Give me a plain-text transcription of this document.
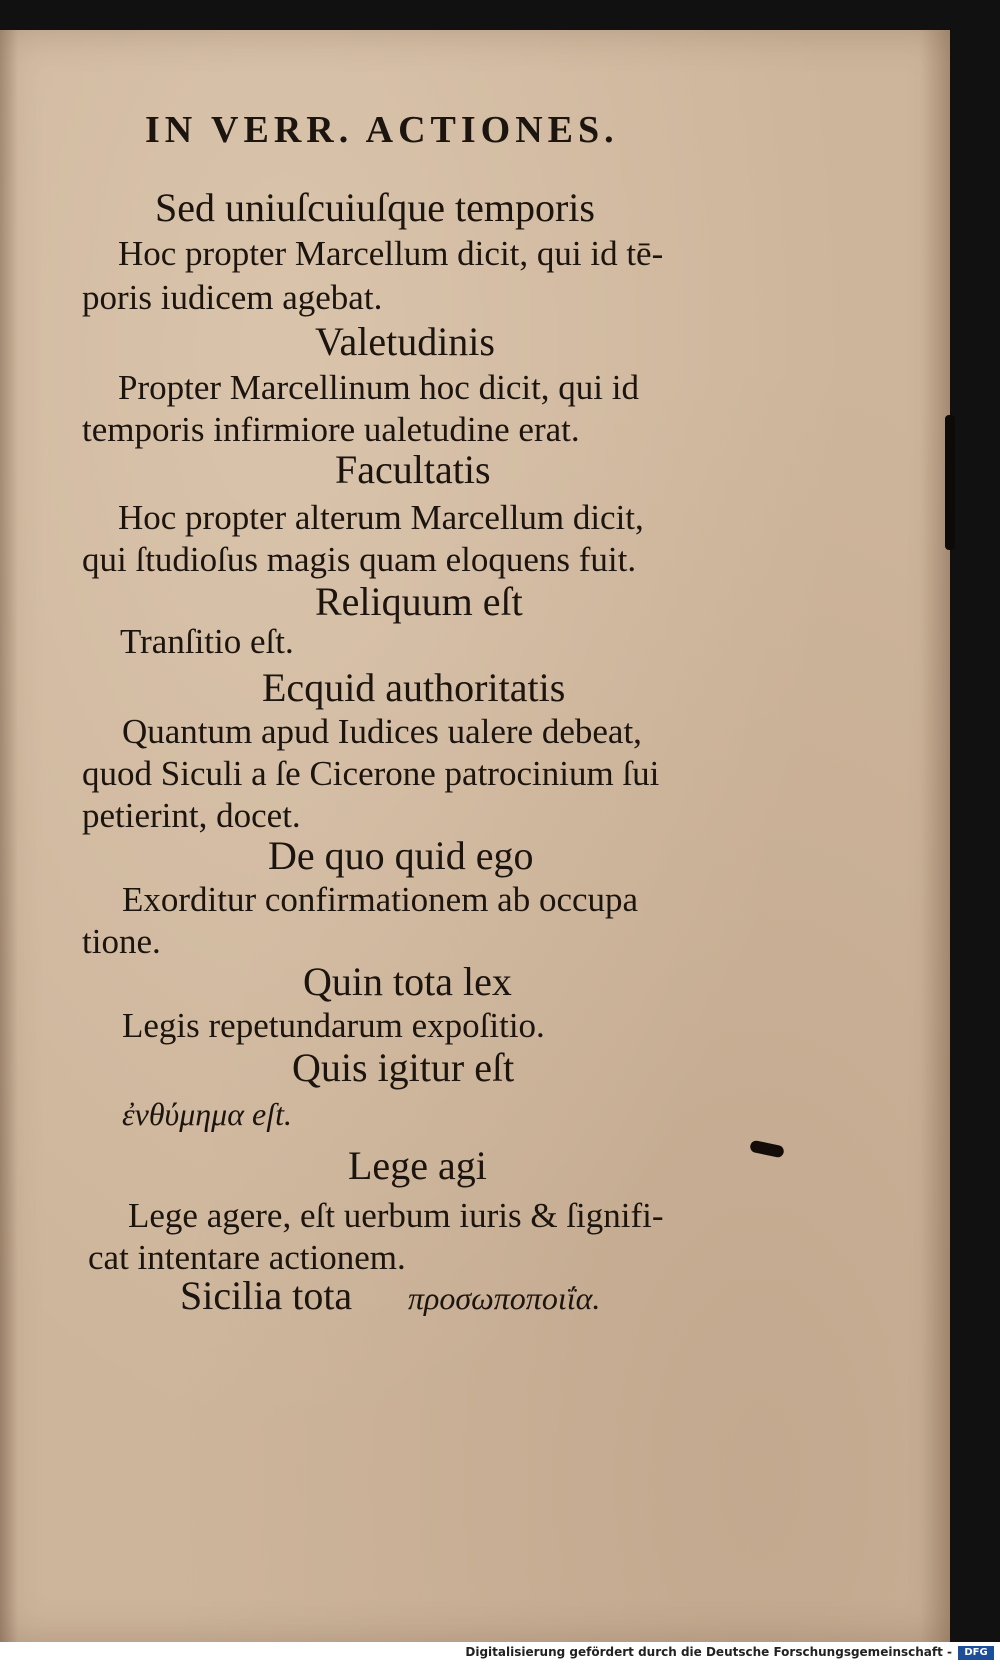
IN VERR. ACTIONES.
Sed uniuſcuiuſque temporis
Hoc propter Marcellum dicit, qui id tē-
poris iudicem agebat.
Valetudinis
Propter Marcellinum hoc dicit, qui id
temporis infirmiore ualetudine erat.
Facultatis
Hoc propter alterum Marcellum dicit,
qui ſtudioſus magis quam eloquens fuit.
Reliquum eſt
Tranſitio eſt.
Ecquid authoritatis
Quantum apud Iudices ualere debeat,
quod Siculi a ſe Cicerone patrocinium ſui
petierint, docet.
De quo quid ego
Exorditur confirmationem ab occupa
tione.
Quin tota lex
Legis repetundarum expoſitio.
Quis igitur eſt
ἐνθύμημα eſt.
Lege agi
Lege agere, eſt uerbum iuris & ſignifi-
cat intentare actionem.
Sicilia tota προσωποποιΐα.
Digitalisierung gefördert durch die Deutsche Forschungsgemeinschaft -	DFG
